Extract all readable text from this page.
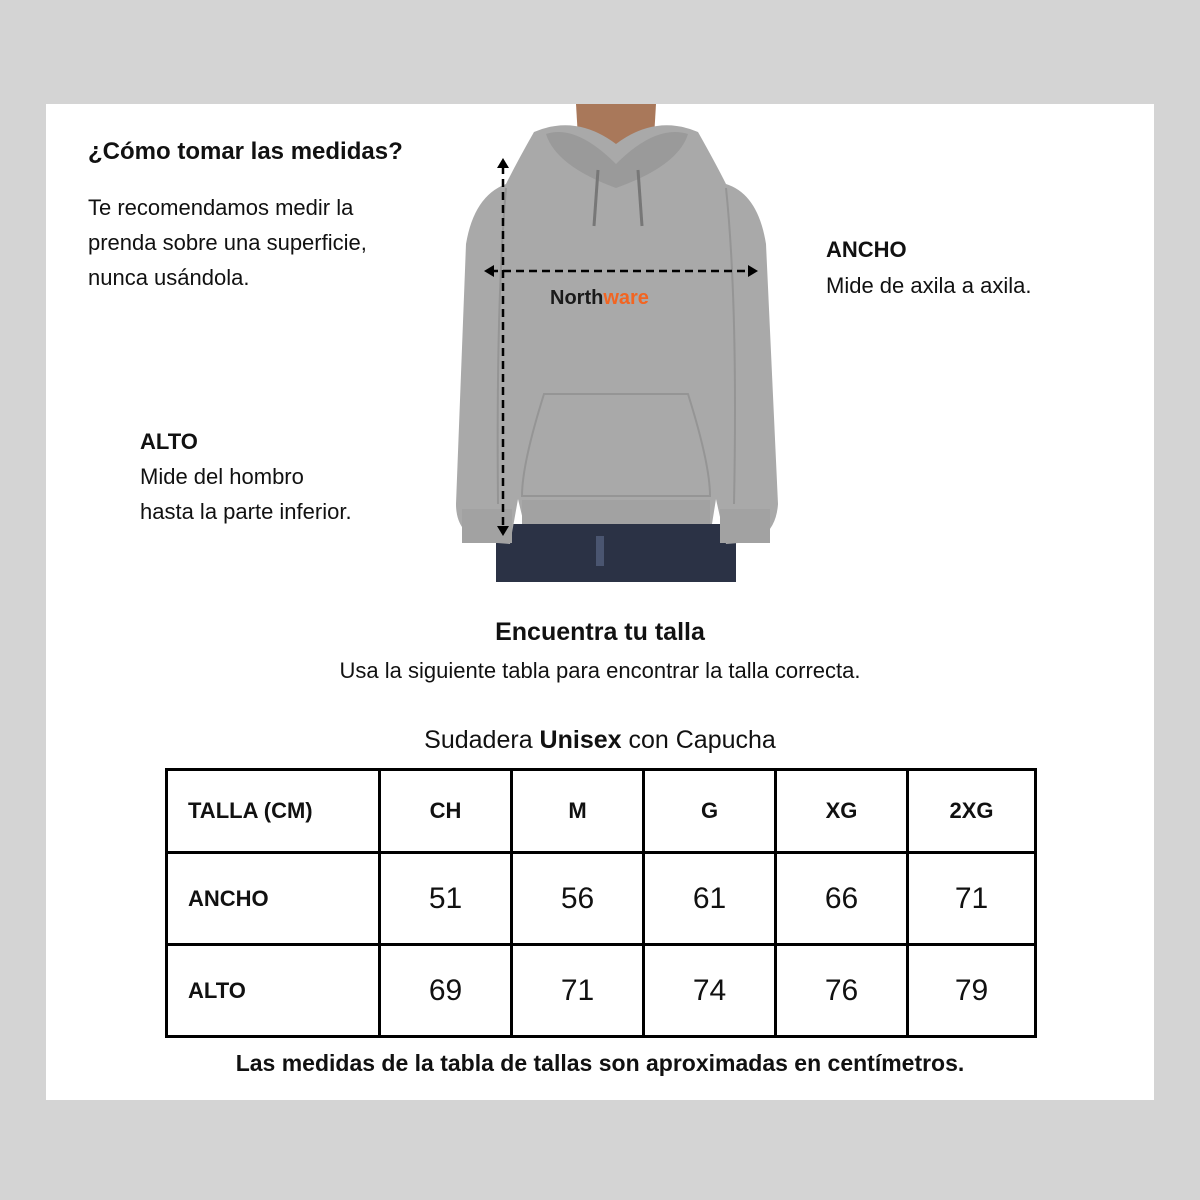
¿Cómo tomar las medidas?
Te recomendamos medir la
prenda sobre una superficie,
nunca usándola.
Northware
ANCHO
Mide de axila a axila.
ALTO
Mide del hombro
hasta la parte inferior.
Encuentra tu talla
Usa la siguiente tabla para encontrar la talla correcta.
Sudadera Unisex con Capucha
TALLA (CM)	CH	M	G	XG	2XG
ANCHO	51	56	61	66	71
ALTO	69	71	74	76	79
Las medidas de la tabla de tallas son aproximadas en centímetros.
